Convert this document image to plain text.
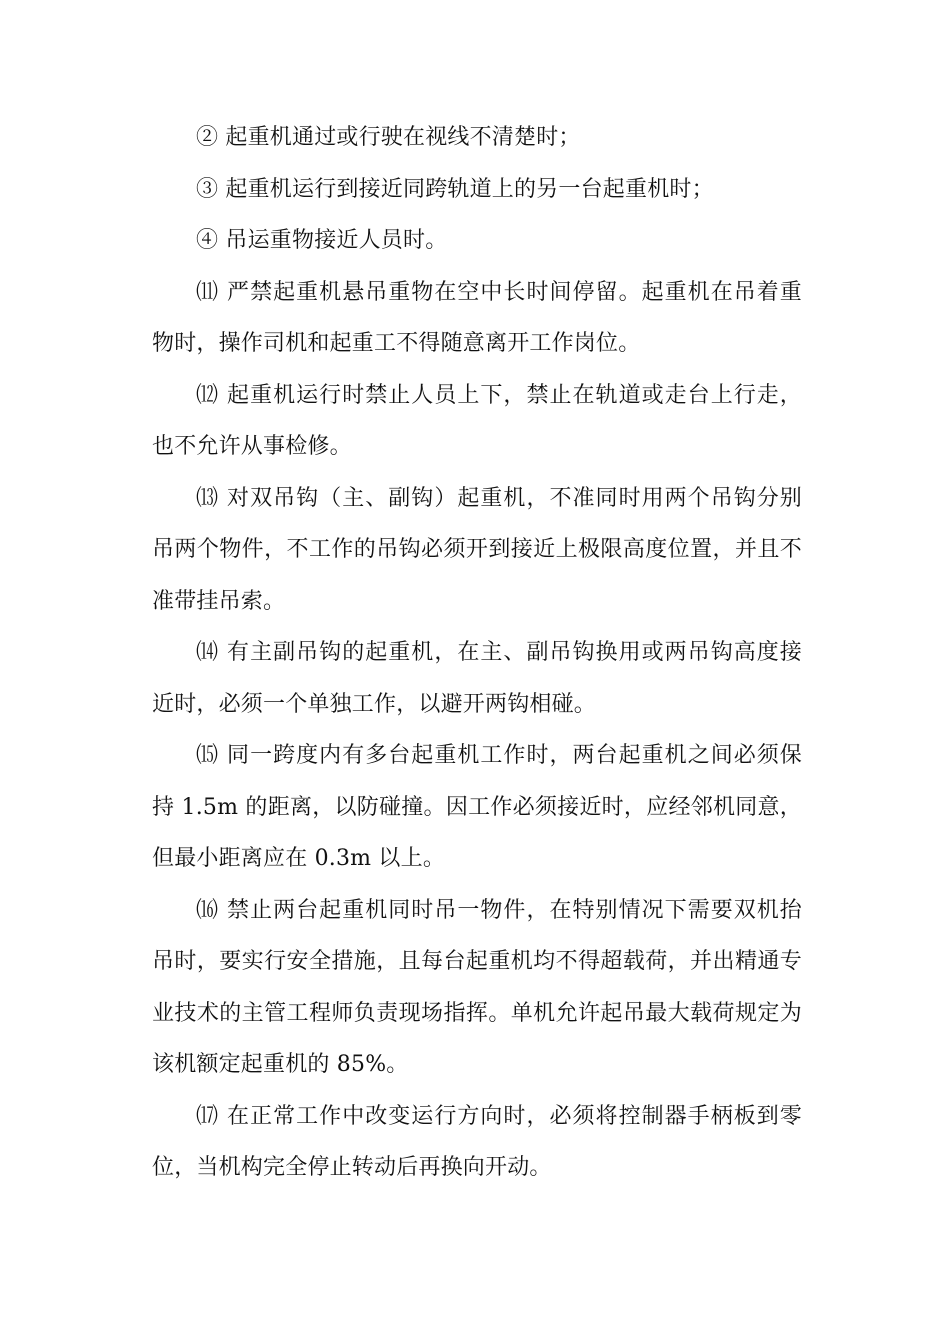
② 起重机通过或行驶在视线不清楚时；

③ 起重机运行到接近同跨轨道上的另一台起重机时；

④ 吊运重物接近人员时。

⑾ 严禁起重机悬吊重物在空中长时间停留。起重机在吊着重物时，操作司机和起重工不得随意离开工作岗位。

⑿ 起重机运行时禁止人员上下，禁止在轨道或走台上行走，也不允许从事检修。

⒀ 对双吊钩（主、副钩）起重机，不准同时用两个吊钩分别吊两个物件，不工作的吊钩必须开到接近上极限高度位置，并且不准带挂吊索。

⒁ 有主副吊钩的起重机，在主、副吊钩换用或两吊钩高度接近时，必须一个单独工作，以避开两钩相碰。

⒂ 同一跨度内有多台起重机工作时，两台起重机之间必须保持 1.5m 的距离，以防碰撞。因工作必须接近时，应经邻机同意，但最小距离应在 0.3m 以上。

⒃ 禁止两台起重机同时吊一物件，在特别情况下需要双机抬吊时，要实行安全措施，且每台起重机均不得超载荷，并出精通专业技术的主管工程师负责现场指挥。单机允许起吊最大载荷规定为该机额定起重机的 85%。

⒄ 在正常工作中改变运行方向时，必须将控制器手柄板到零位，当机构完全停止转动后再换向开动。
